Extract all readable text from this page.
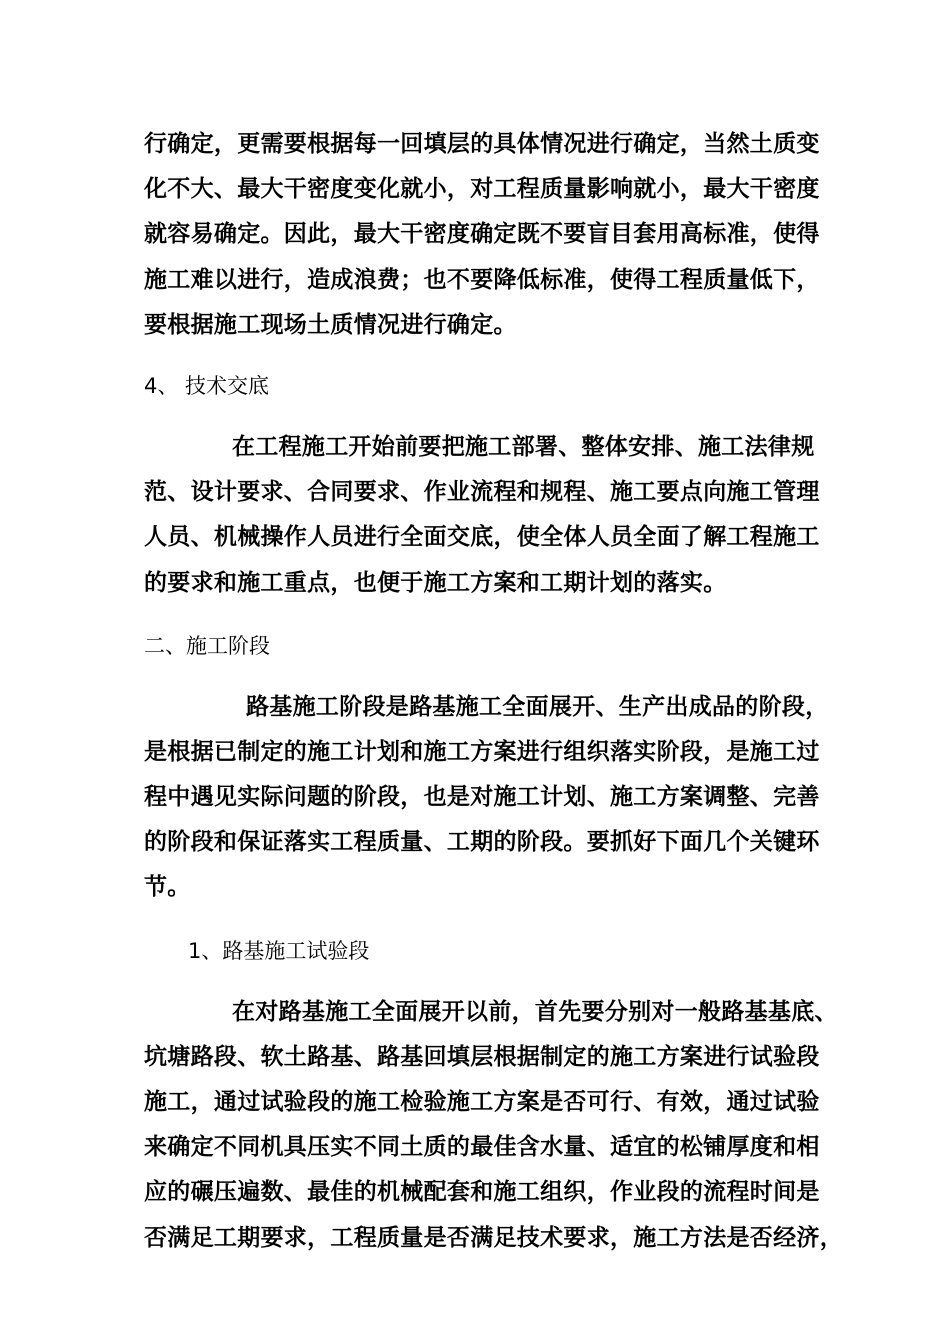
行确定，更需要根据每一回填层的具体情况进行确定，当然土质变
化不大、最大干密度变化就小，对工程质量影响就小，最大干密度
就容易确定。因此，最大干密度确定既不要盲目套用高标准，使得
施工难以进行，造成浪费；也不要降低标准，使得工程质量低下，
要根据施工现场土质情况进行确定。
4、 技术交底
在工程施工开始前要把施工部署、整体安排、施工法律规
范、设计要求、合同要求、作业流程和规程、施工要点向施工管理
人员、机械操作人员进行全面交底，使全体人员全面了解工程施工
的要求和施工重点，也便于施工方案和工期计划的落实。
二、施工阶段
路基施工阶段是路基施工全面展开、生产出成品的阶段，
是根据已制定的施工计划和施工方案进行组织落实阶段，是施工过
程中遇见实际问题的阶段，也是对施工计划、施工方案调整、完善
的阶段和保证落实工程质量、工期的阶段。要抓好下面几个关键环
节。
1、路基施工试验段
在对路基施工全面展开以前，首先要分别对一般路基基底、
坑塘路段、软土路基、路基回填层根据制定的施工方案进行试验段
施工，通过试验段的施工检验施工方案是否可行、有效，通过试验
来确定不同机具压实不同土质的最佳含水量、适宜的松铺厚度和相
应的碾压遍数、最佳的机械配套和施工组织，作业段的流程时间是
否满足工期要求，工程质量是否满足技术要求，施工方法是否经济，
